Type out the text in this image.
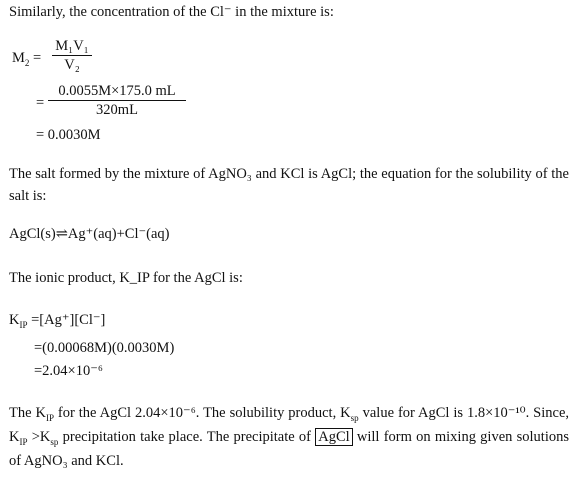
Similarly, the concentration of the Cl⁻ in the mixture is:
$M_2$ =
M₁V₁
V₂
=
0.0055M×175.0 mL
320mL
= 0.0030M
The salt formed by the mixture of AgNO₃ and KCl is AgCl; the equation for the solubility of the salt is:
AgCl(s)⇌Ag⁺(aq)+Cl⁻(aq)
The ionic product, K_IP for the AgCl is:
$K_{IP} =[Ag^+][Cl^-]$
=(0.00068M)(0.0030M)
=2.04×10⁻⁶
The $K_{IP}$ for the AgCl 2.04×10⁻⁶. The solubility product, $K_{sp}$ value for AgCl is 1.8×10⁻¹⁰. Since, $K_{IP} >K_{sp}$ precipitation take place. The precipitate of AgCl will form on mixing given solutions of AgNO₃ and KCl.
